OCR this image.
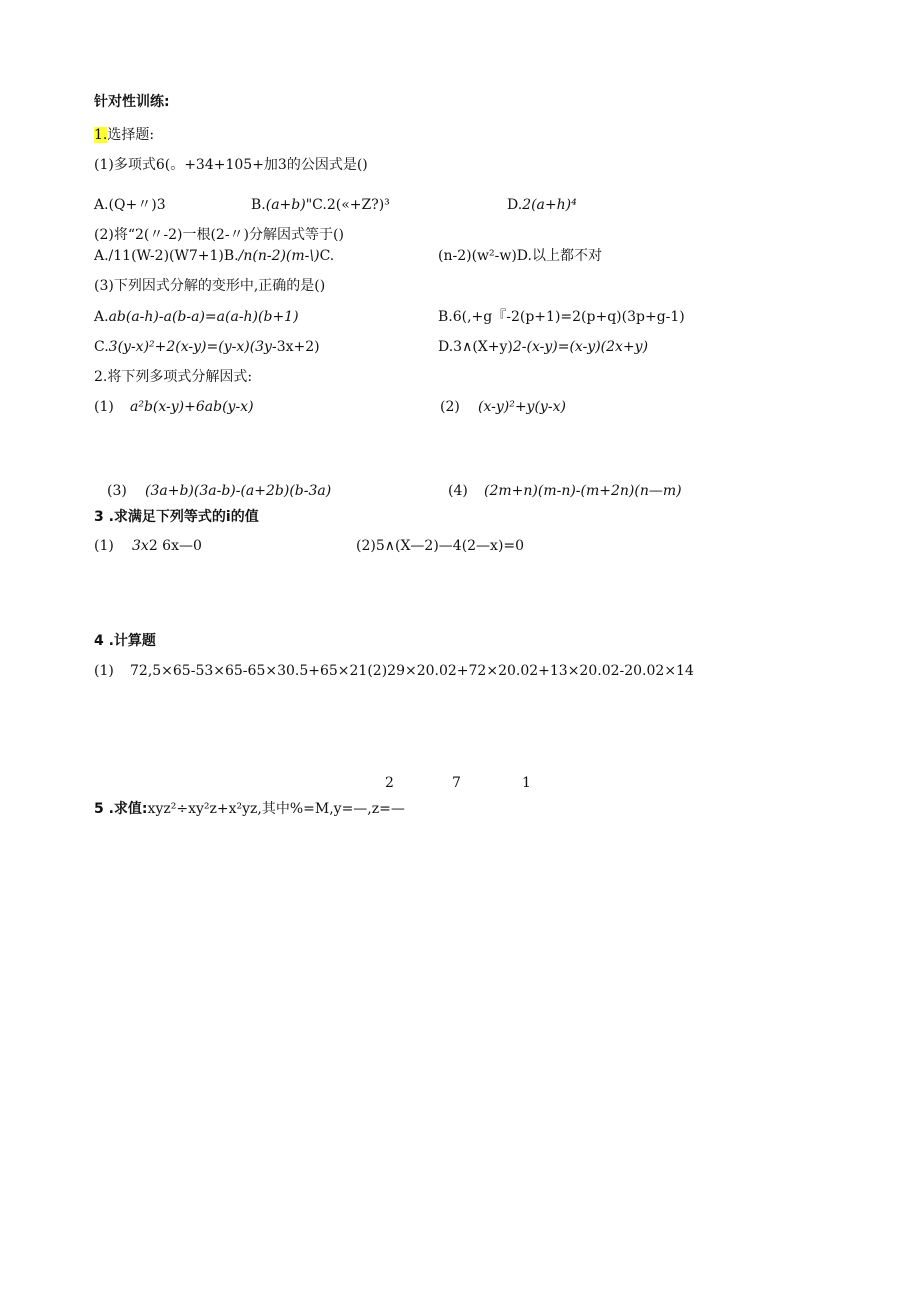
针对性训练:
1.选择题:
(1)多项式6(。+34+105+加3的公因式是()
A.(Q+〃)3	B.(a+b)"C.2(«+Z?)³	D.2(a+h)⁴
(2)将“2(〃-2)一根(2-〃)分解因式等于()
A./11(W-2)(W7+1)B./n(n-2)(m-\)C.	(n-2)(w²-w)D.以上都不对
(3)下列因式分解的变形中,正确的是()
A.ab(a-h)-a(b-a)=a(a-h)(b+1)	B.6(,+g『-2(p+1)=2(p+q)(3p+g-1)
C.3(y-x)²+2(x-y)=(y-x)(3y-3x+2)	D.3∧(X+y)2-(x-y)=(x-y)(2x+y)
2.将下列多项式分解因式:
(1) a²b(x-y)+6ab(y-x)	(2) (x-y)²+y(y-x)
(3) (3a+b)(3a-b)-(a+2b)(b-3a)	(4) (2m+n)(m-n)-(m+2n)(n—m)
3 .求满足下列等式的i的值
(1) 3x2 6x—0	(2)5∧(X—2)—4(2—x)=0
4 .计算题
(1) 72,5×65-53×65-65×30.5+65×21(2)29×20.02+72×20.02+13×20.02-20.02×14
2	7	1
5 .求值:xyz²÷xy²z+x²yz,其中%=M,y=—,z=—
